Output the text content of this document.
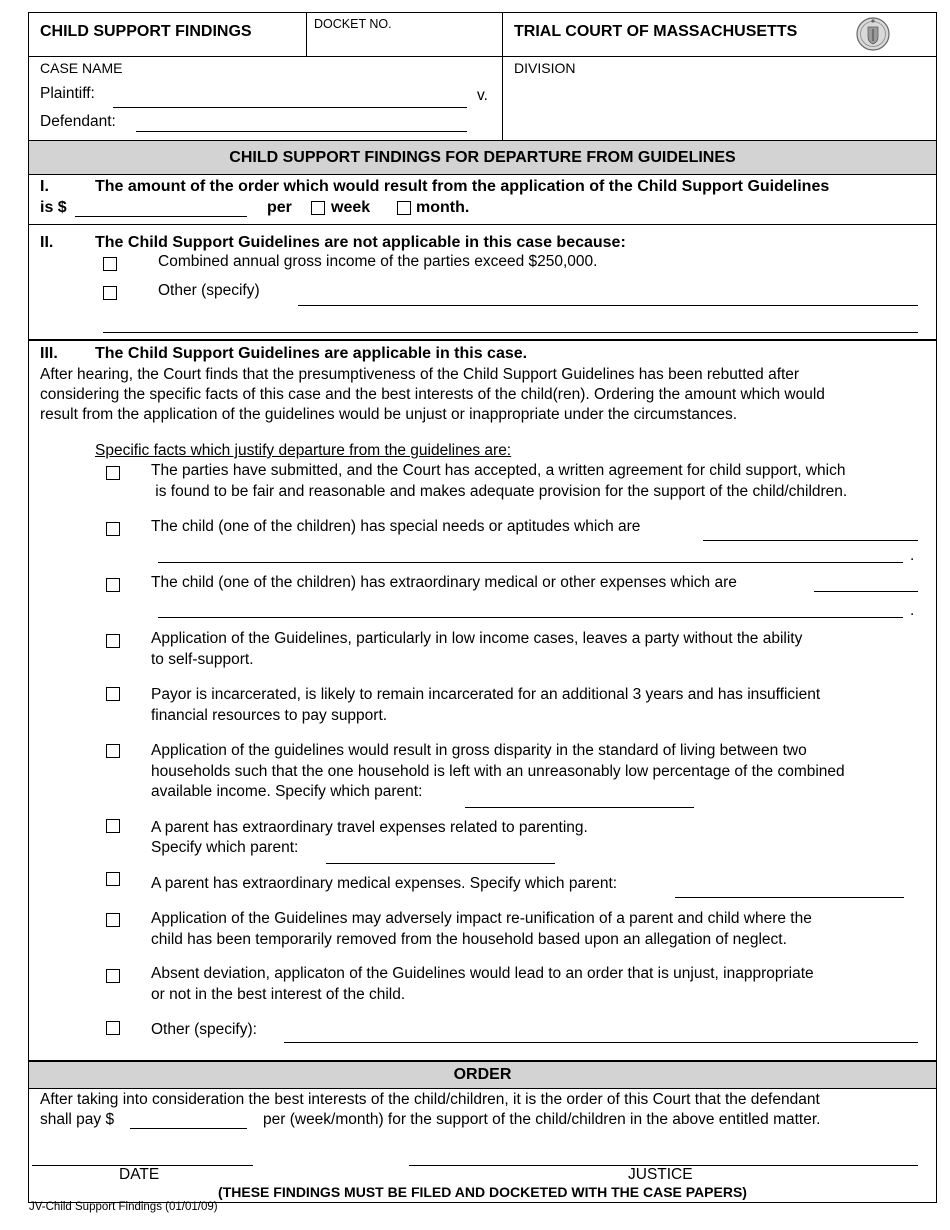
CHILD SUPPORT FINDINGS	DOCKET NO.	TRIAL COURT OF MASSACHUSETTS
CASE NAME
Plaintiff:	v.
Defendant:
DIVISION
CHILD SUPPORT FINDINGS FOR DEPARTURE FROM GUIDELINES
I.	The amount of the order which would result from the application of the Child Support Guidelines
is $	per week	month.
II.	The Child Support Guidelines are not applicable in this case because:
Combined annual gross income of the parties exceed $250,000.
Other (specify)
III. The Child Support Guidelines are applicable in this case.
After hearing, the Court finds that the presumptiveness of the Child Support Guidelines has been rebutted after
considering the specific facts of this case and the best interests of the child(ren). Ordering the amount which would
result from the application of the guidelines would be unjust or inappropriate under the circumstances.
Specific facts which justify departure from the guidelines are:
The parties have submitted, and the Court has accepted, a written agreement for child support, which
is found to be fair and reasonable and makes adequate provision for the support of the child/children.
The child (one of the children) has special needs or aptitudes which are
.
The child (one of the children) has extraordinary medical or other expenses which are
.
Application of the Guidelines, particularly in low income cases, leaves a party without the ability
to self-support.
Payor is incarcerated, is likely to remain incarcerated for an additional 3 years and has insufficient
financial resources to pay support.
Application of the guidelines would result in gross disparity in the standard of living between two
households such that the one household is left with an unreasonably low percentage of the combined
available income. Specify which parent:
A parent has extraordinary travel expenses related to parenting.
Specify which parent:
A parent has extraordinary medical expenses. Specify which parent:
Application of the Guidelines may adversely impact re-unification of a parent and child where the
child has been temporarily removed from the household based upon an allegation of neglect.
Absent deviation, applicaton of the Guidelines would lead to an order that is unjust, inappropriate
or not in the best interest of the child.
Other (specify):
ORDER
After taking into consideration the best interests of the child/children, it is the order of this Court that the defendant
shall pay $	per (week/month) for the support of the child/children in the above entitled matter.
DATE	JUSTICE
(THESE FINDINGS MUST BE FILED AND DOCKETED WITH THE CASE PAPERS)
JV-Child Support Findings (01/01/09)
